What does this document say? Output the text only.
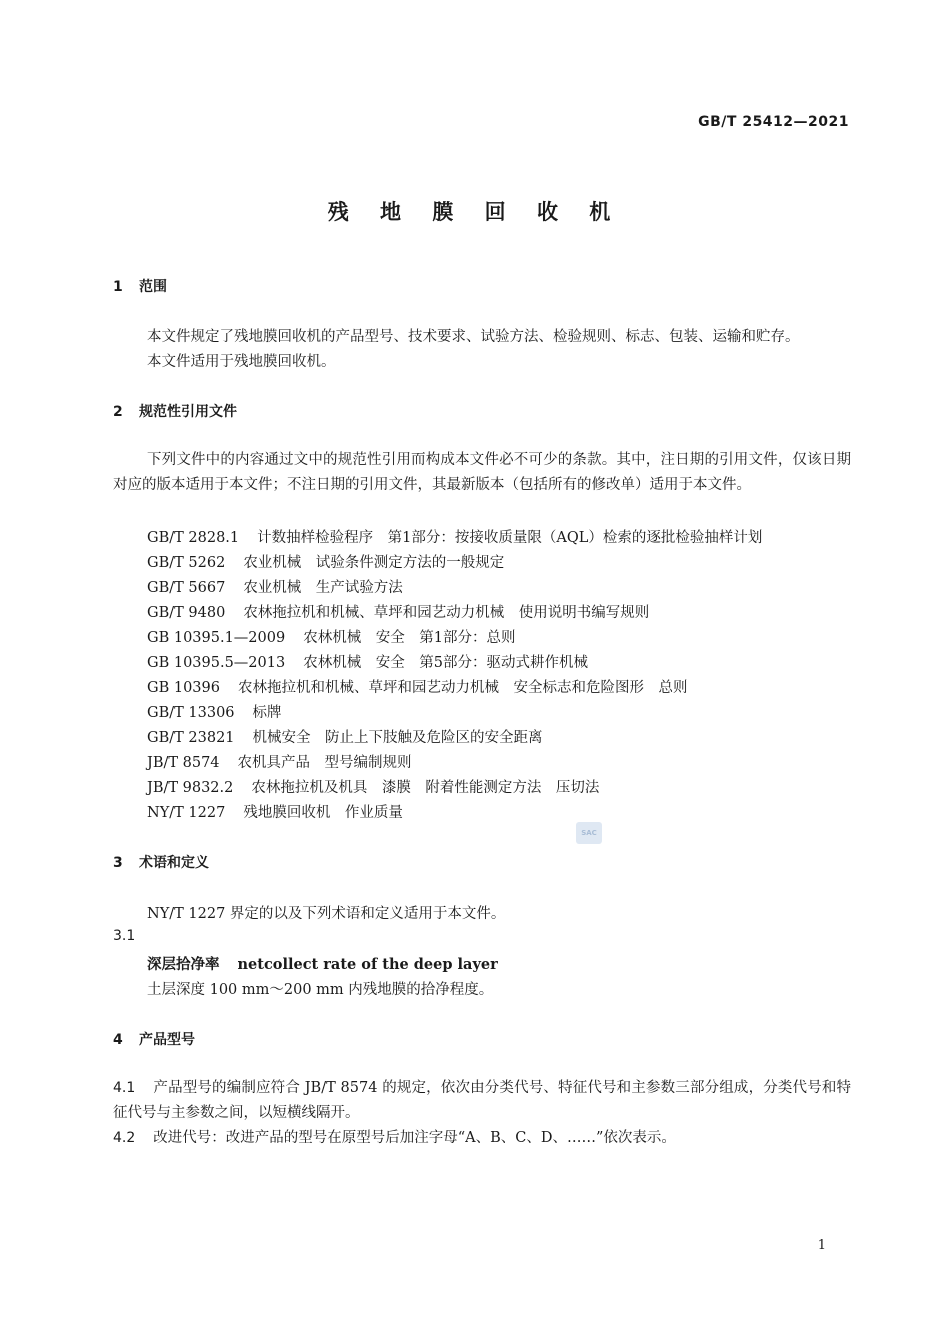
GB/T 25412—2021
残 地 膜 回 收 机
1 范围
本文件规定了残地膜回收机的产品型号、技术要求、试验方法、检验规则、标志、包装、运输和贮存。
本文件适用于残地膜回收机。
2 规范性引用文件
下列文件中的内容通过文中的规范性引用而构成本文件必不可少的条款。其中，注日期的引用文件，仅该日期对应的版本适用于本文件；不注日期的引用文件，其最新版本（包括所有的修改单）适用于本文件。
GB/T 2828.1 计数抽样检验程序　第1部分：按接收质量限（AQL）检索的逐批检验抽样计划
GB/T 5262 农业机械　试验条件测定方法的一般规定
GB/T 5667 农业机械　生产试验方法
GB/T 9480 农林拖拉机和机械、草坪和园艺动力机械　使用说明书编写规则
GB 10395.1—2009 农林机械　安全　第1部分：总则
GB 10395.5—2013 农林机械　安全　第5部分：驱动式耕作机械
GB 10396 农林拖拉机和机械、草坪和园艺动力机械　安全标志和危险图形　总则
GB/T 13306 标牌
GB/T 23821 机械安全　防止上下肢触及危险区的安全距离
JB/T 8574 农机具产品　型号编制规则
JB/T 9832.2 农林拖拉机及机具　漆膜　附着性能测定方法　压切法
NY/T 1227 残地膜回收机　作业质量
SAC
3 术语和定义
NY/T 1227 界定的以及下列术语和定义适用于本文件。
3.1
深层拾净率 netcollect rate of the deep layer
土层深度 100 mm～200 mm 内残地膜的拾净程度。
4 产品型号
4.1 产品型号的编制应符合 JB/T 8574 的规定，依次由分类代号、特征代号和主参数三部分组成，分类代号和特征代号与主参数之间，以短横线隔开。
4.2 改进代号：改进产品的型号在原型号后加注字母“A、B、C、D、……”依次表示。
1
